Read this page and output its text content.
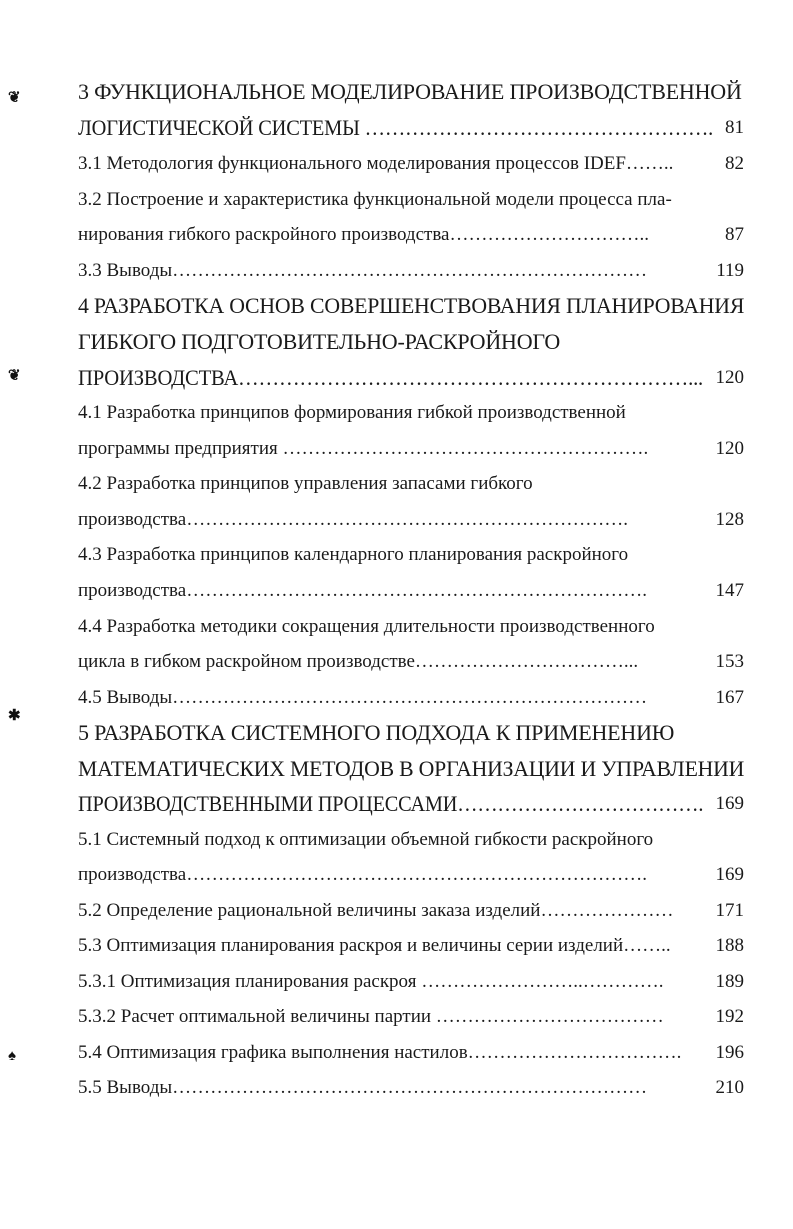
❦
❦
✱
♠
3 ФУНКЦИОНАЛЬНОЕ МОДЕЛИРОВАНИЕ ПРОИЗВОДСТВЕННОЙ
ЛОГИСТИЧЕСКОЙ СИСТЕМЫ ……………………………………………. 81
3.1 Методология функционального моделирования процессов IDEF……..	82
3.2 Построение и характеристика функциональной модели процесса пла-
нирования гибкого раскройного производства…………………………..	87
3.3 Выводы…………………………………………………………………	119
4 РАЗРАБОТКА ОСНОВ СОВЕРШЕНСТВОВАНИЯ ПЛАНИРОВАНИЯ
ГИБКОГО ПОДГОТОВИТЕЛЬНО-РАСКРОЙНОГО
ПРОИЗВОДСТВА…………………………………………………………... 120
4.1 Разработка принципов формирования гибкой производственной
программы предприятия ………………………………………………….	120
4.2 Разработка принципов управления запасами гибкого
производства…………………………………………………………….	128
4.3 Разработка принципов календарного планирования раскройного
производства……………………………………………………………….	147
4.4 Разработка методики сокращения длительности производственного
цикла в гибком раскройном производстве……………………………...	153
4.5 Выводы…………………………………………………………………	167
5 РАЗРАБОТКА СИСТЕМНОГО ПОДХОДА К ПРИМЕНЕНИЮ
МАТЕМАТИЧЕСКИХ МЕТОДОВ В ОРГАНИЗАЦИИ И УПРАВЛЕНИИ
ПРОИЗВОДСТВЕННЫМИ ПРОЦЕССАМИ………………………………. 169
5.1 Системный подход к оптимизации объемной гибкости раскройного
производства……………………………………………………………….	169
5.2 Определение рациональной величины заказа изделий………………… 171
5.3 Оптимизация планирования раскроя и величины серии изделий…….. 188
5.3.1 Оптимизация планирования раскроя ……………………..………….	189
5.3.2 Расчет оптимальной величины партии ………………………………	192
5.4 Оптимизация графика выполнения настилов……………………………. 196
5.5 Выводы…………………………………………………………………	210
